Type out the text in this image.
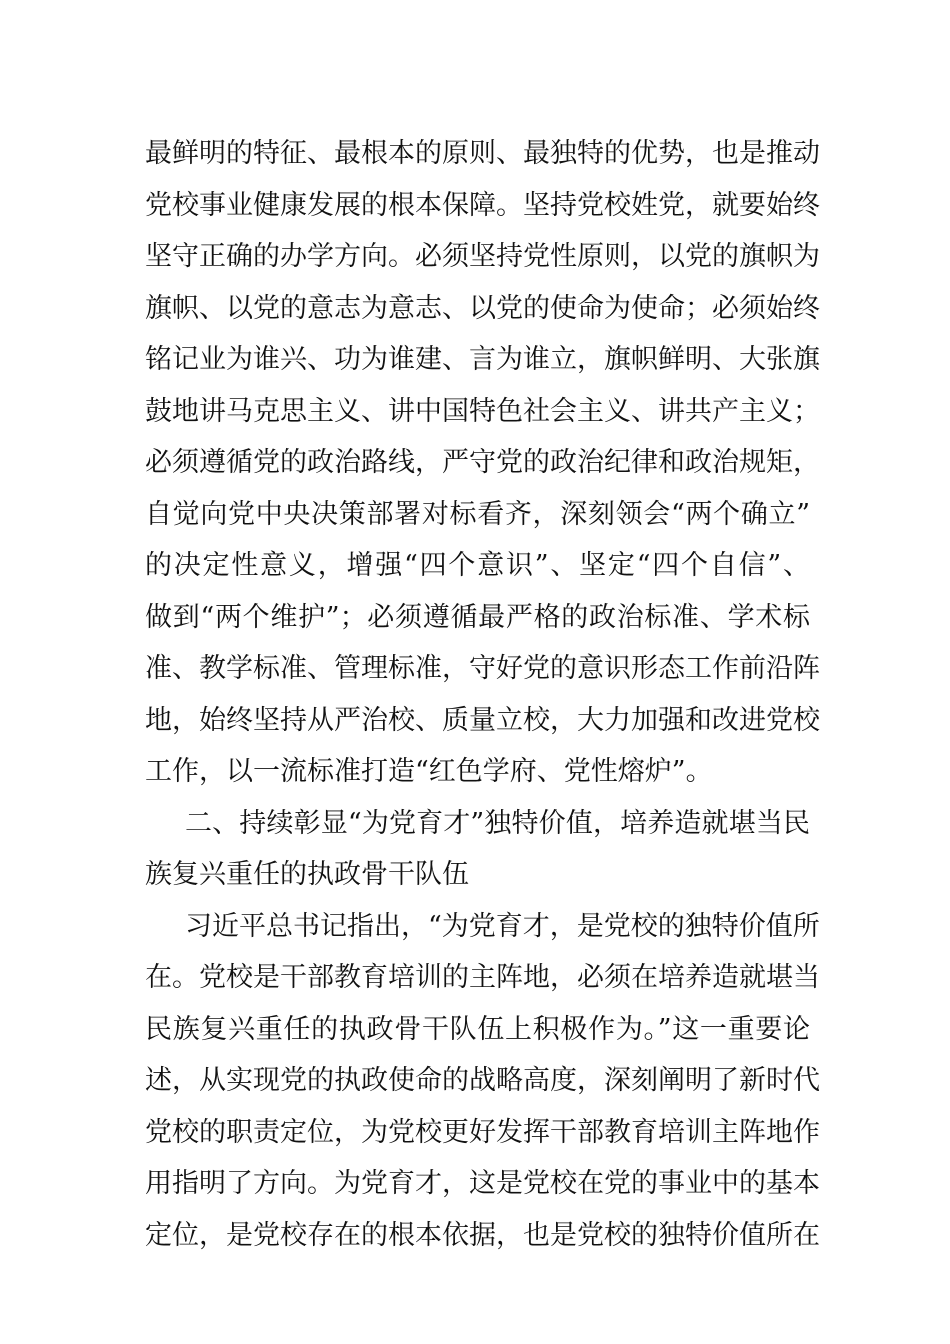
最鲜明的特征、最根本的原则、最独特的优势，也是推动
党校事业健康发展的根本保障。坚持党校姓党，就要始终
坚守正确的办学方向。必须坚持党性原则，以党的旗帜为
旗帜、以党的意志为意志、以党的使命为使命；必须始终
铭记业为谁兴、功为谁建、言为谁立，旗帜鲜明、大张旗
鼓地讲马克思主义、讲中国特色社会主义、讲共产主义；
必须遵循党的政治路线，严守党的政治纪律和政治规矩，
自觉向党中央决策部署对标看齐，深刻领会“两个确立”
的决定性意义，增强“四个意识”、坚定“四个自信”、
做到“两个维护”；必须遵循最严格的政治标准、学术标
准、教学标准、管理标准，守好党的意识形态工作前沿阵
地，始终坚持从严治校、质量立校，大力加强和改进党校
工作，以一流标准打造“红色学府、党性熔炉”。
二、持续彰显“为党育才”独特价值，培养造就堪当民
族复兴重任的执政骨干队伍
习近平总书记指出，“为党育才，是党校的独特价值所
在。党校是干部教育培训的主阵地，必须在培养造就堪当
民族复兴重任的执政骨干队伍上积极作为。”这一重要论
述，从实现党的执政使命的战略高度，深刻阐明了新时代
党校的职责定位，为党校更好发挥干部教育培训主阵地作
用指明了方向。为党育才，这是党校在党的事业中的基本
定位，是党校存在的根本依据，也是党校的独特价值所在
